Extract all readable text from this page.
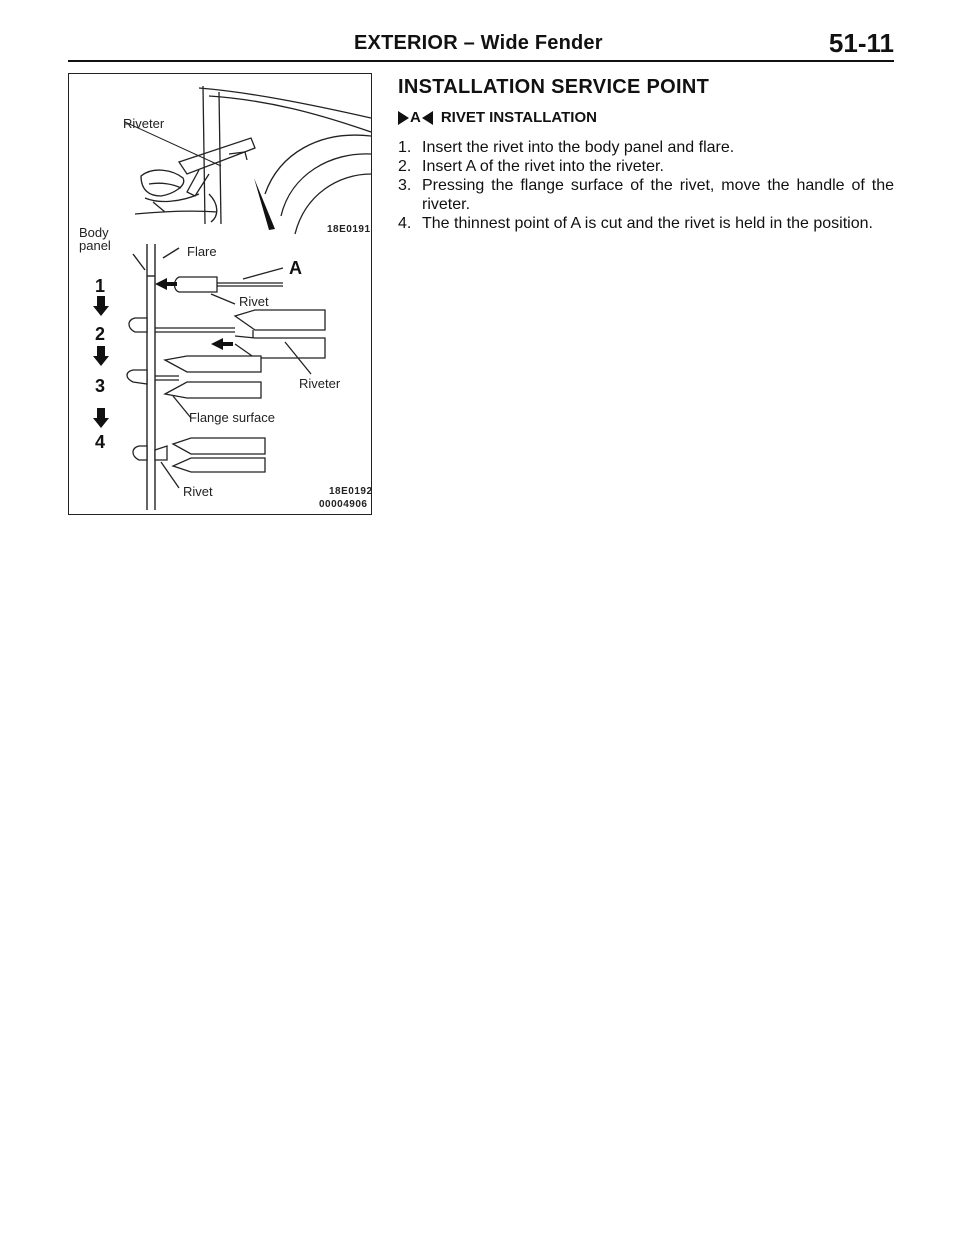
EXTERIOR – Wide Fender	51-11
Riveter
Body
panel	Flare
A
Rivet
Riveter
Flange surface
Rivet
1
2
3
4
18E0191
18E0192
00004906
INSTALLATION SERVICE POINT
A RIVET INSTALLATION

1. Insert the rivet into the body panel and flare.

2. Insert A of the rivet into the riveter.

3. Pressing the flange surface of the rivet, move the handle of the riveter.

4. The thinnest point of A is cut and the rivet is held in the position.
